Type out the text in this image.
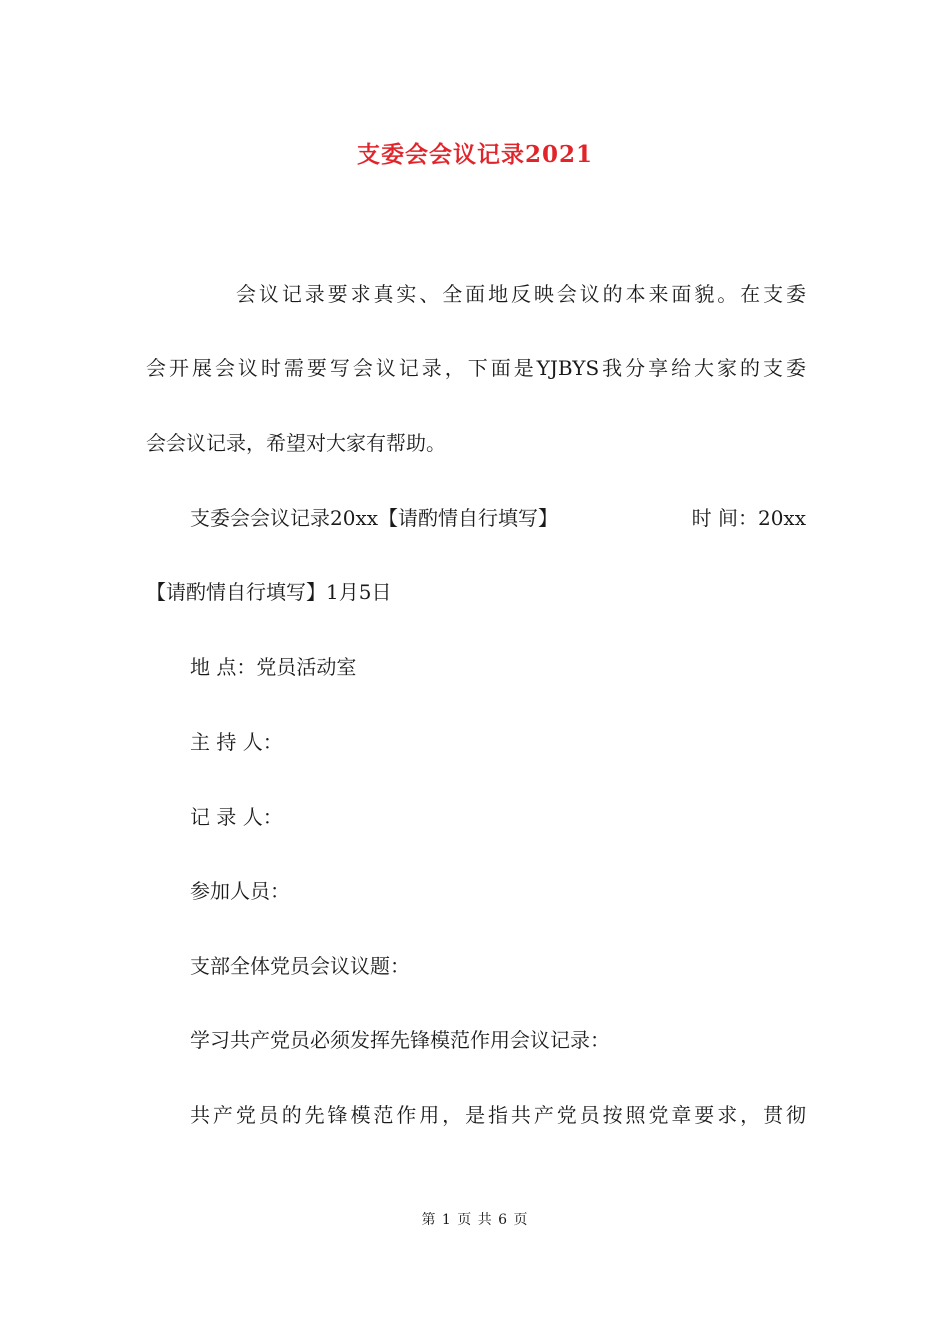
支委会会议记录2021
会议记录要求真实、全面地反映会议的本来面貌。在支委
会开展会议时需要写会议记录，下面是YJBYS我分享给大家的支委
会会议记录，希望对大家有帮助。
支委会会议记录20xx【请酌情自行填写】	时 间：20xx
【请酌情自行填写】1月5日
地 点：党员活动室
主 持 人：
记 录 人：
参加人员：
支部全体党员会议议题：
学习共产党员必须发挥先锋模范作用会议记录：
共产党员的先锋模范作用，是指共产党员按照党章要求，贯彻
第 1 页 共 6 页
